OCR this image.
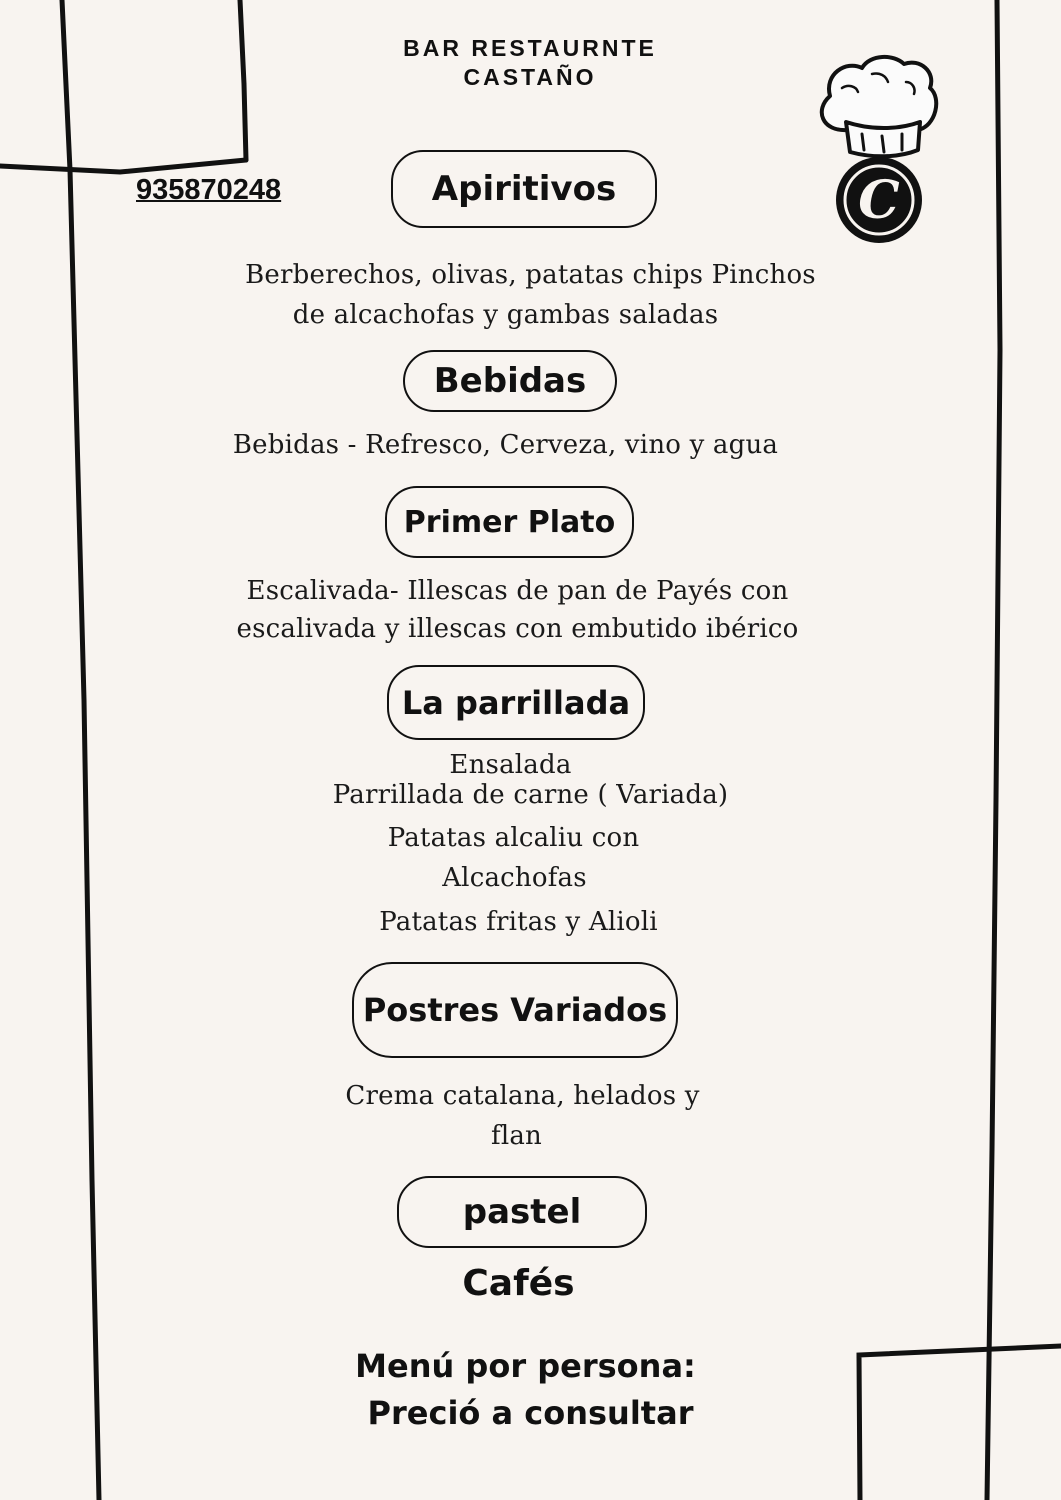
BAR RESTAURNTE
CASTAÑO
935870248	C
Apiritivos
Berberechos, olivas, patatas chips Pinchos
de alcachofas y gambas saladas
Bebidas
Bebidas - Refresco, Cerveza, vino y agua
Primer Plato
Escalivada- Illescas de pan de Payés con
escalivada y illescas con embutido ibérico
La parrillada
Ensalada
Parrillada de carne ( Variada)
Patatas alcaliu con
Alcachofas
Patatas fritas y Alioli
Postres Variados
Crema catalana, helados y
flan
pastel
Cafés
Menú por persona:
Preció a consultar
